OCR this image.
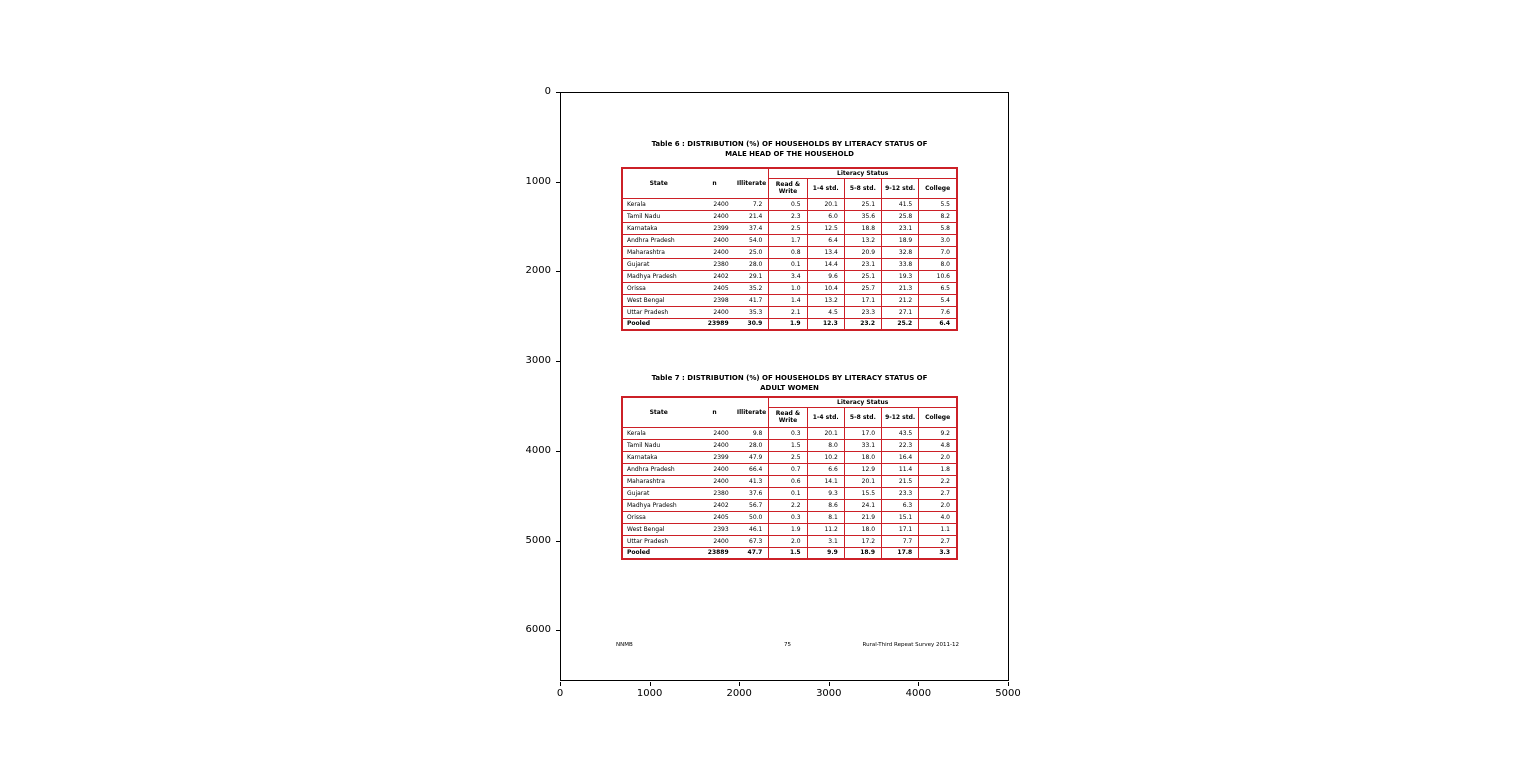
0
1000
2000
3000
4000
5000
6000
0	1000	2000	3000	4000	5000
Table 6 : DISTRIBUTION (%) OF HOUSEHOLDS BY LITERACY STATUS OF
MALE HEAD OF THE HOUSEHOLD
State	n	Illiterate	Literacy Status				
			Read & Write	1-4 std.	5-8 std.	9-12 std.	College
Kerala	2400	7.2	0.5	20.1	25.1	41.5	5.5
Tamil Nadu	2400	21.4	2.3	6.0	35.6	25.8	8.2
Karnataka	2399	37.4	2.5	12.5	18.8	23.1	5.8
Andhra Pradesh	2400	54.0	1.7	6.4	13.2	18.9	3.0
Maharashtra	2400	25.0	0.8	13.4	20.9	32.8	7.0
Gujarat	2380	28.0	0.1	14.4	23.1	33.8	8.0
Madhya Pradesh	2402	29.1	3.4	9.6	25.1	19.3	10.6
Orissa	2405	35.2	1.0	10.4	25.7	21.3	6.5
West Bengal	2398	41.7	1.4	13.2	17.1	21.2	5.4
Uttar Pradesh	2400	35.3	2.1	4.5	23.3	27.1	7.6
Pooled	23989	30.9	1.9	12.3	23.2	25.2	6.4
Table 7 : DISTRIBUTION (%) OF HOUSEHOLDS BY LITERACY STATUS OF
ADULT WOMEN
State	n	Illiterate	Literacy Status				
			Read & Write	1-4 std.	5-8 std.	9-12 std.	College
Kerala	2400	9.8	0.3	20.1	17.0	43.5	9.2
Tamil Nadu	2400	28.0	1.5	8.0	33.1	22.3	4.8
Karnataka	2399	47.9	2.5	10.2	18.0	16.4	2.0
Andhra Pradesh	2400	66.4	0.7	6.6	12.9	11.4	1.8
Maharashtra	2400	41.3	0.6	14.1	20.1	21.5	2.2
Gujarat	2380	37.6	0.1	9.3	15.5	23.3	2.7
Madhya Pradesh	2402	56.7	2.2	8.6	24.1	6.3	2.0
Orissa	2405	50.0	0.3	8.1	21.9	15.1	4.0
West Bengal	2393	46.1	1.9	11.2	18.0	17.1	1.1
Uttar Pradesh	2400	67.3	2.0	3.1	17.2	7.7	2.7
Pooled	23889	47.7	1.5	9.9	18.9	17.8	3.3
NNMB	75	Rural-Third Repeat Survey 2011-12
